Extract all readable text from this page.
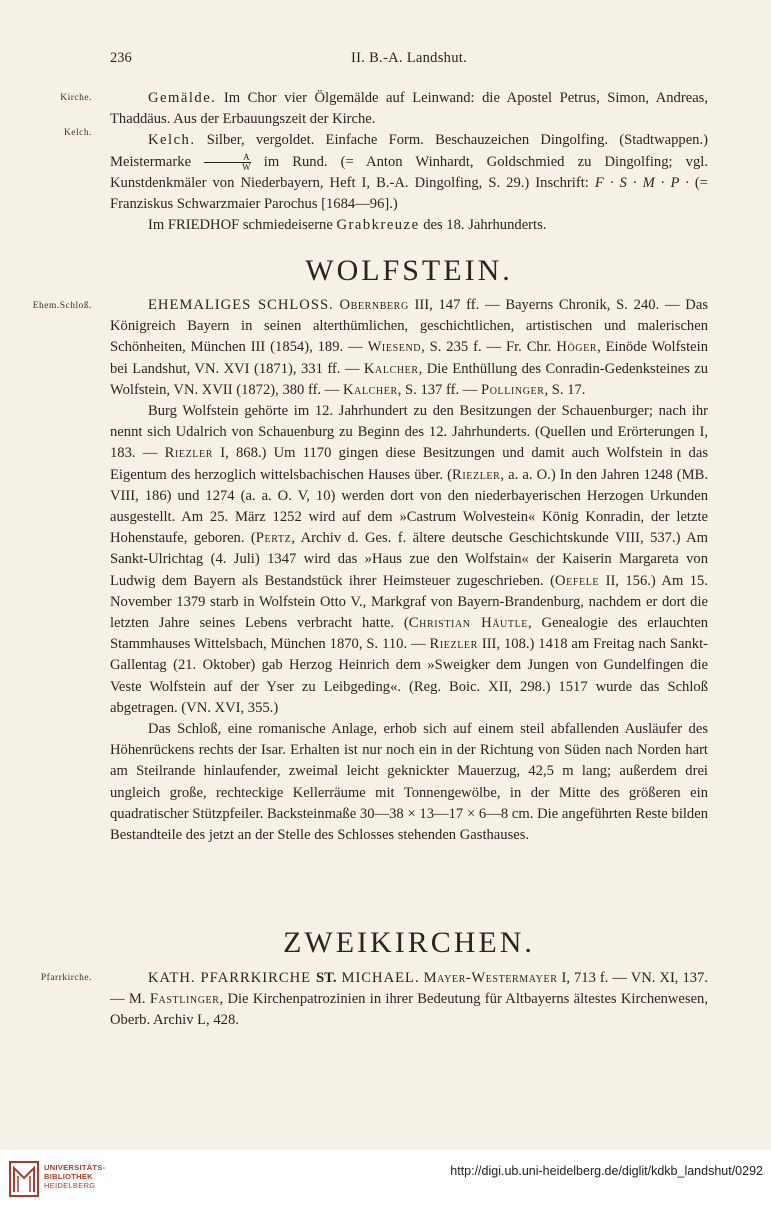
236	II. B.-A. Landshut.
Kirche.
Kelch.
Ehem.Schloß.
Pfarrkirche.

Gemälde. Im Chor vier Ölgemälde auf Leinwand: die Apostel Petrus, Simon, Andreas, Thaddäus. Aus der Erbauungszeit der Kirche.

Kelch. Silber, vergoldet. Einfache Form. Beschauzeichen Dingolfing. (Stadtwappen.) Meistermarke $\frac{A}{W}$ im Rund. (= Anton Winhardt, Goldschmied zu Dingolfing; vgl. Kunstdenkmäler von Niederbayern, Heft I, B.-A. Dingolfing, S. 29.) Inschrift: F · S · M · P · (= Franziskus Schwarzmaier Parochus [1684—96].)

Im FRIEDHOF schmiedeiserne Grabkreuze des 18. Jahrhunderts.

WOLFSTEIN.

EHEMALIGES SCHLOSS. Obernberg III, 147 ff. — Bayerns Chronik, S. 240. — Das Königreich Bayern in seinen alterthümlichen, geschichtlichen, artistischen und malerischen Schönheiten, München III (1854), 189. — Wiesend, S. 235 f. — Fr. Chr. Höger, Einöde Wolfstein bei Landshut, VN. XVI (1871), 331 ff. — Kalcher, Die Enthüllung des Conradin-Gedenksteines zu Wolfstein, VN. XVII (1872), 380 ff. — Kalcher, S. 137 ff. — Pollinger, S. 17.

Burg Wolfstein gehörte im 12. Jahrhundert zu den Besitzungen der Schauenburger; nach ihr nennt sich Udalrich von Schauenburg zu Beginn des 12. Jahrhunderts. (Quellen und Erörterungen I, 183. — Riezler I, 868.) Um 1170 gingen diese Besitzungen und damit auch Wolfstein in das Eigentum des herzoglich wittelsbachischen Hauses über. (Riezler, a. a. O.) In den Jahren 1248 (MB. VIII, 186) und 1274 (a. a. O. V, 10) werden dort von den niederbayerischen Herzogen Urkunden ausgestellt. Am 25. März 1252 wird auf dem »Castrum Wolvestein« König Konradin, der letzte Hohenstaufe, geboren. (Pertz, Archiv d. Ges. f. ältere deutsche Geschichtskunde VIII, 537.) Am Sankt-Ulrichtag (4. Juli) 1347 wird das »Haus zue den Wolfstain« der Kaiserin Margareta von Ludwig dem Bayern als Bestandstück ihrer Heimsteuer zugeschrieben. (Oefele II, 156.) Am 15. November 1379 starb in Wolfstein Otto V., Markgraf von Bayern-Brandenburg, nachdem er dort die letzten Jahre seines Lebens verbracht hatte. (Christian Häutle, Genealogie des erlauchten Stammhauses Wittelsbach, München 1870, S. 110. — Riezler III, 108.) 1418 am Freitag nach Sankt-Gallentag (21. Oktober) gab Herzog Heinrich dem »Sweigker dem Jungen von Gundelfingen die Veste Wolfstein auf der Yser zu Leibgeding«. (Reg. Boic. XII, 298.) 1517 wurde das Schloß abgetragen. (VN. XVI, 355.)

Das Schloß, eine romanische Anlage, erhob sich auf einem steil abfallenden Ausläufer des Höhenrückens rechts der Isar. Erhalten ist nur noch ein in der Richtung von Süden nach Norden hart am Steilrande hinlaufender, zweimal leicht geknickter Mauerzug, 42,5 m lang; außerdem drei ungleich große, rechteckige Kellerräume mit Tonnengewölbe, in der Mitte des größeren ein quadratischer Stützpfeiler. Backsteinmaße 30—38 × 13—17 × 6—8 cm. Die angeführten Reste bilden Bestandteile des jetzt an der Stelle des Schlosses stehenden Gasthauses.

ZWEIKIRCHEN.

KATH. PFARRKIRCHE ST. MICHAEL. Mayer-Westermayer I, 713 f. — VN. XI, 137. — M. Fastlinger, Die Kirchenpatrozinien in ihrer Bedeutung für Altbayerns ältestes Kirchenwesen, Oberb. Archiv L, 428.

UNIVERSITÄTS-
BIBLIOTHEK
HEIDELBERG
http://digi.ub.uni-heidelberg.de/diglit/kdkb_landshut/0292
